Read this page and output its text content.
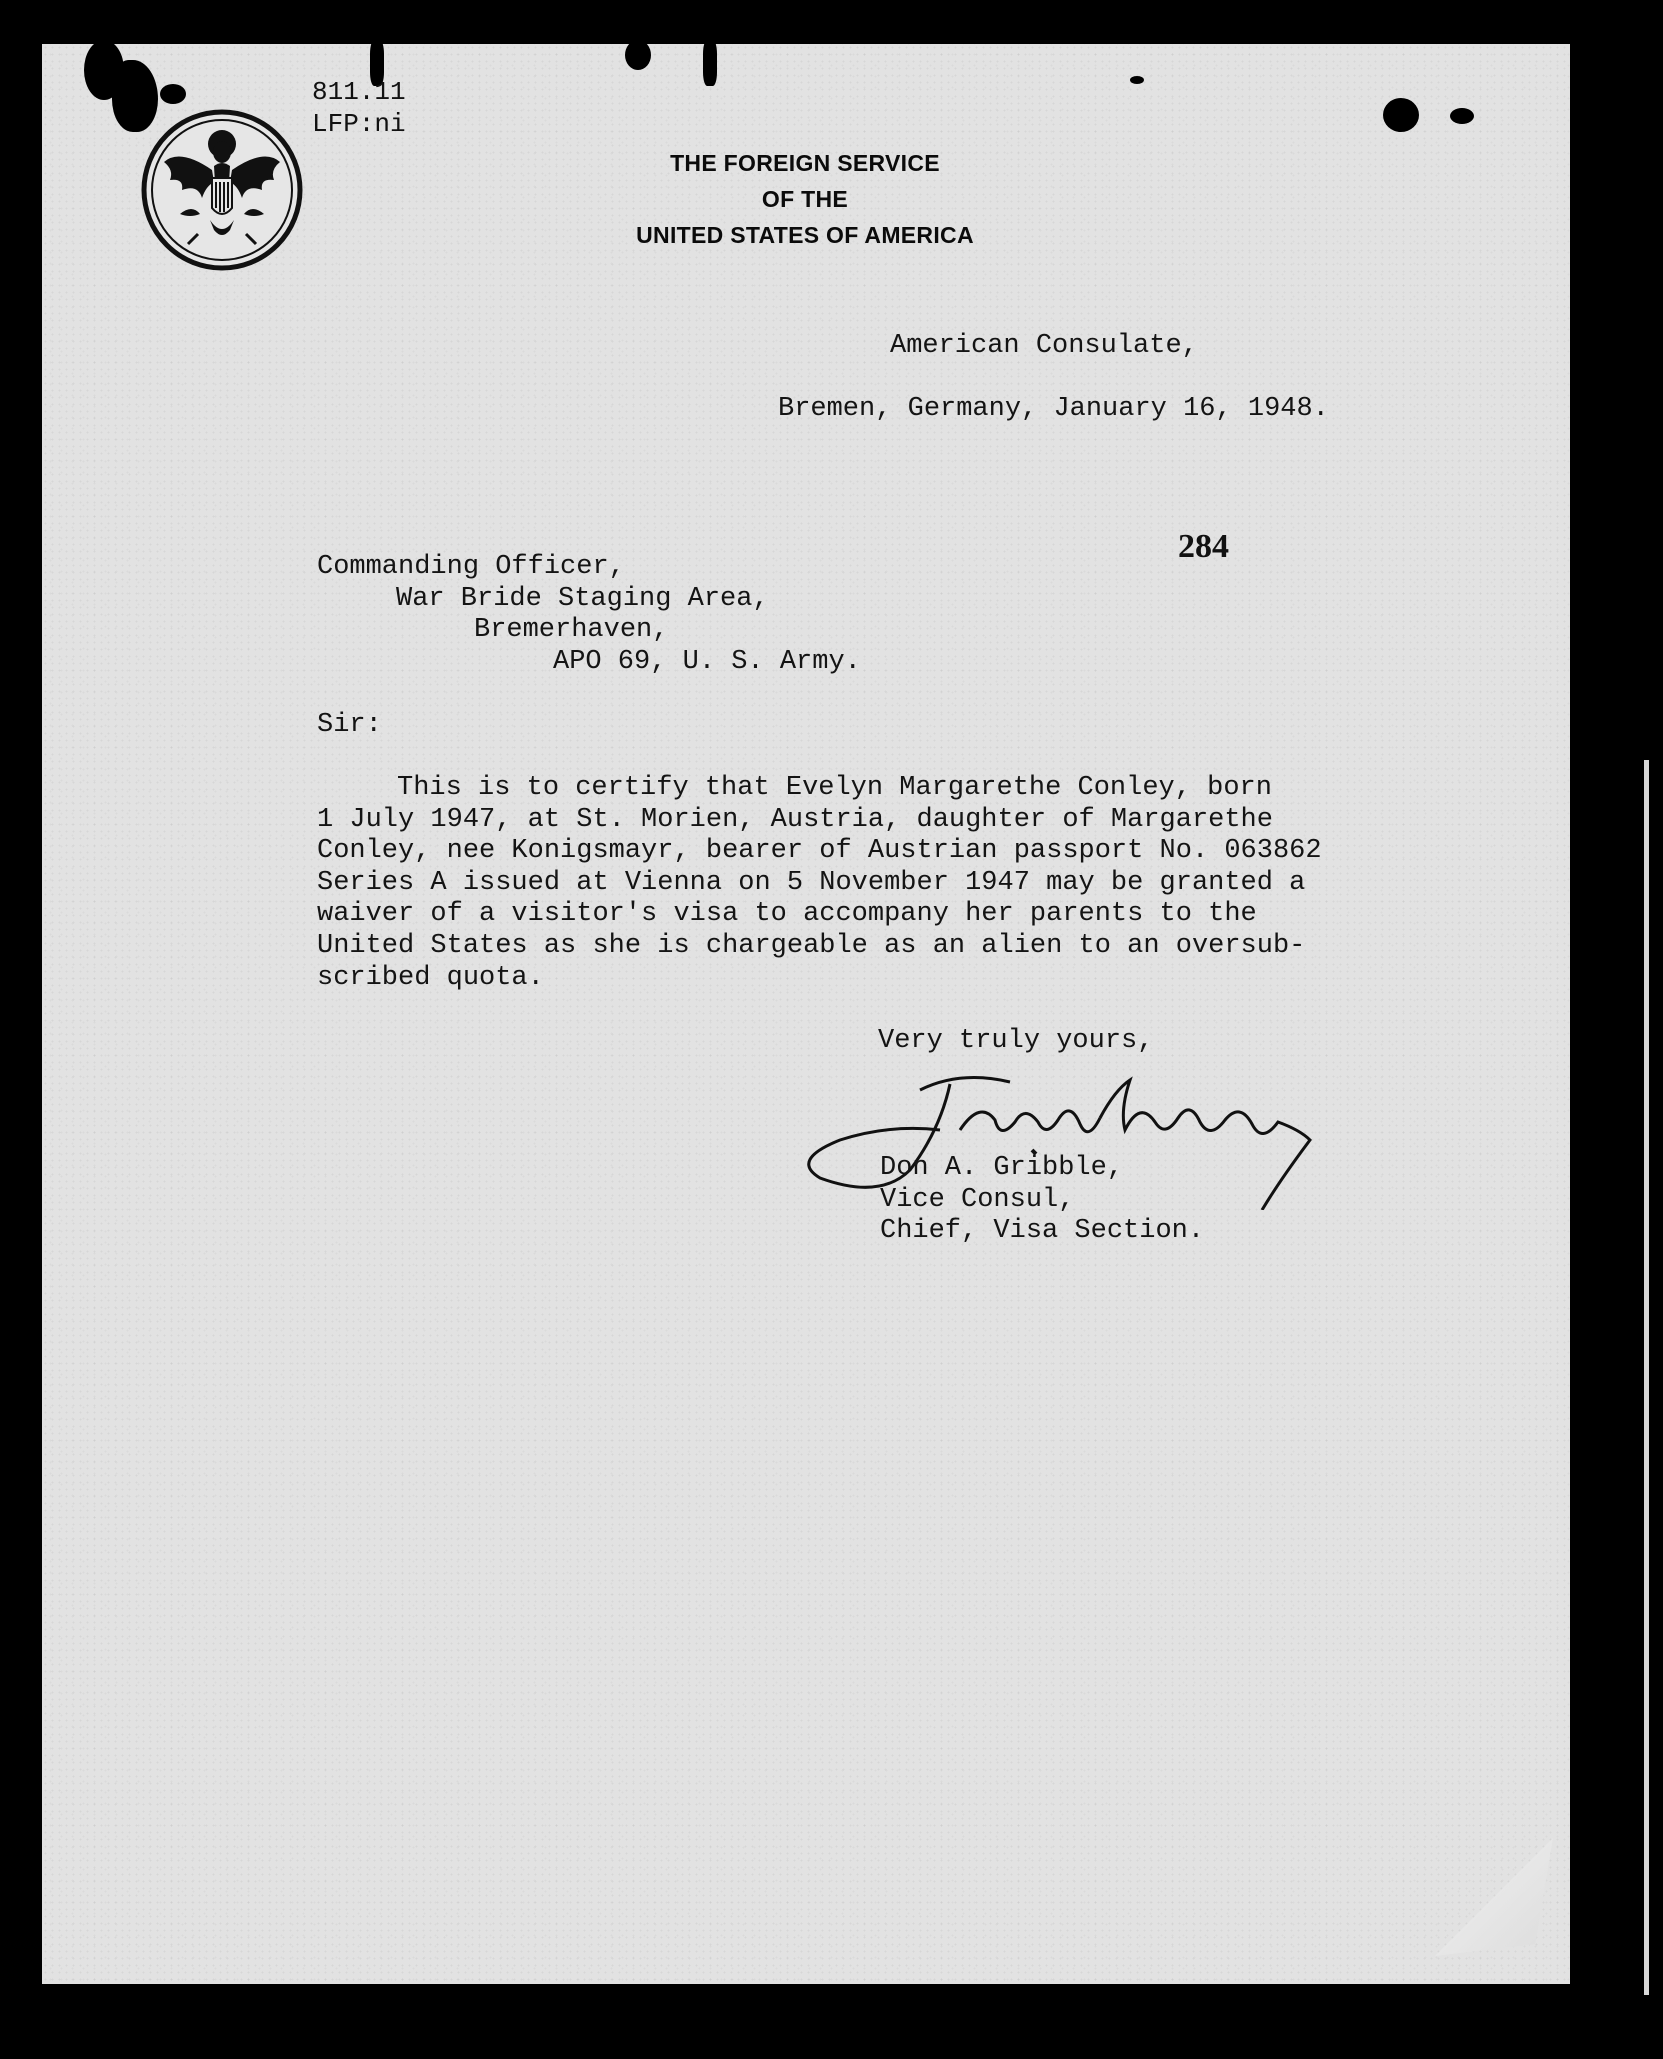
811.11
LFP:ni
THE FOREIGN SERVICE
OF THE
UNITED STATES OF AMERICA
American Consulate,
Bremen, Germany, January 16, 1948.
284
Commanding Officer,
War Bride Staging Area,
Bremerhaven,
APO 69, U. S. Army.
Sir:
This is to certify that Evelyn Margarethe Conley, born
1 July 1947, at St. Morien, Austria, daughter of Margarethe
Conley, nee Konigsmayr, bearer of Austrian passport No. 063862
Series A issued at Vienna on 5 November 1947 may be granted a
waiver of a visitor's visa to accompany her parents to the
United States as she is chargeable as an alien to an oversub-
scribed quota.
Very truly yours,
Don A. Gribble,
Vice Consul,
Chief, Visa Section.
